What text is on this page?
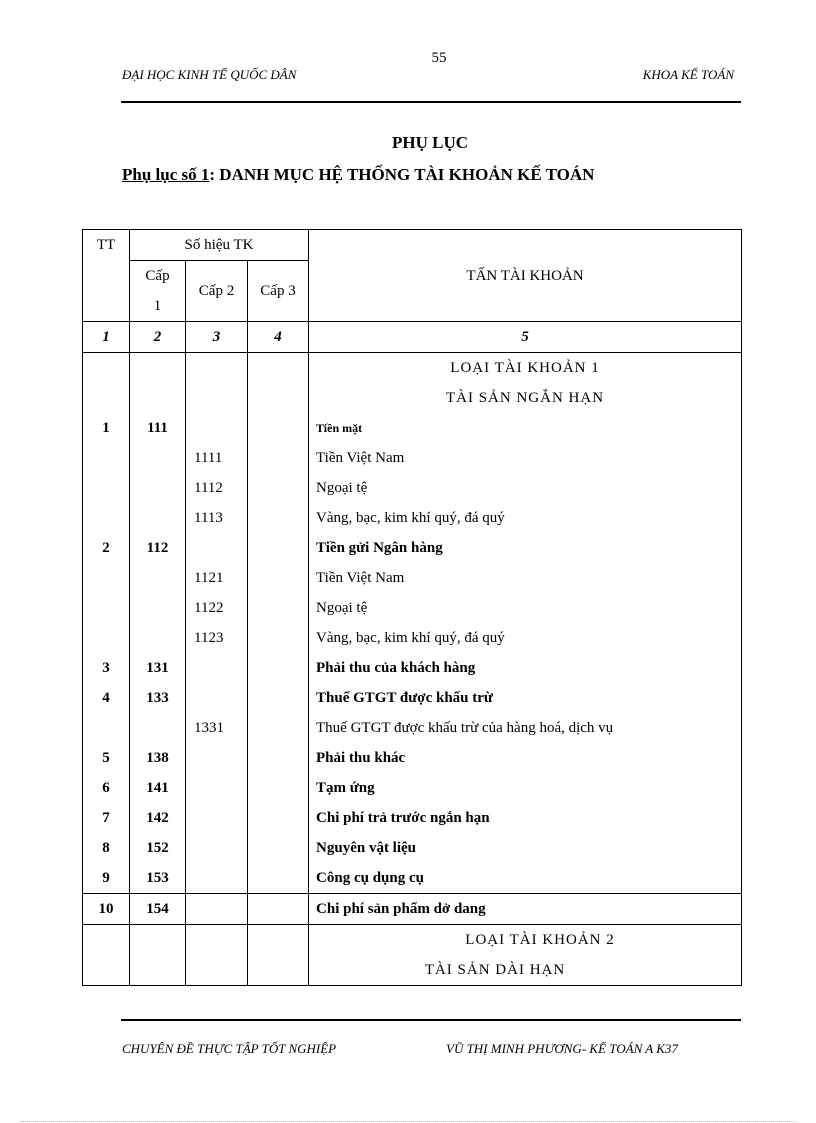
55
ĐẠI HỌC KINH TẾ QUỐC DÂN	KHOA KẾ TOÁN
PHỤ LỤC
Phụ lục số 1: DANH MỤC HỆ THỐNG TÀI KHOẢN KẾ TOÁN
TT	Số hiệu TK			TẤN TÀI KHOẢN
	Cấp 1	Cấp 2	Cấp 3	
1	2	3	4	5
				LOẠI TÀI KHOẢN 1
				TÀI SẢN NGẮN HẠN
1	111			Tiền mặt
		1111		Tiền Việt Nam
		1112		Ngoại tệ
		1113		Vàng, bạc, kim khí quý, đá quý
2	112			Tiền gửi Ngân hàng
		1121		Tiền Việt Nam
		1122		Ngoại tệ
		1123		Vàng, bạc, kim khí quý, đá quý
3	131			Phải thu của khách hàng
4	133			Thuế GTGT được khấu trừ
		1331		Thuế GTGT được khấu trừ của hàng hoá, dịch vụ
5	138			Phải thu khác
6	141			Tạm ứng
7	142			Chi phí trả trước ngắn hạn
8	152			Nguyên vật liệu
9	153			Công cụ dụng cụ
10	154			Chi phí sản phẩm dở dang
				LOẠI TÀI KHOẢN 2
				TÀI SẢN DÀI HẠN
CHUYÊN ĐỀ THỰC TẬP TỐT NGHIỆP	VŨ THỊ MINH PHƯƠNG- KẾ TOÁN A K37
